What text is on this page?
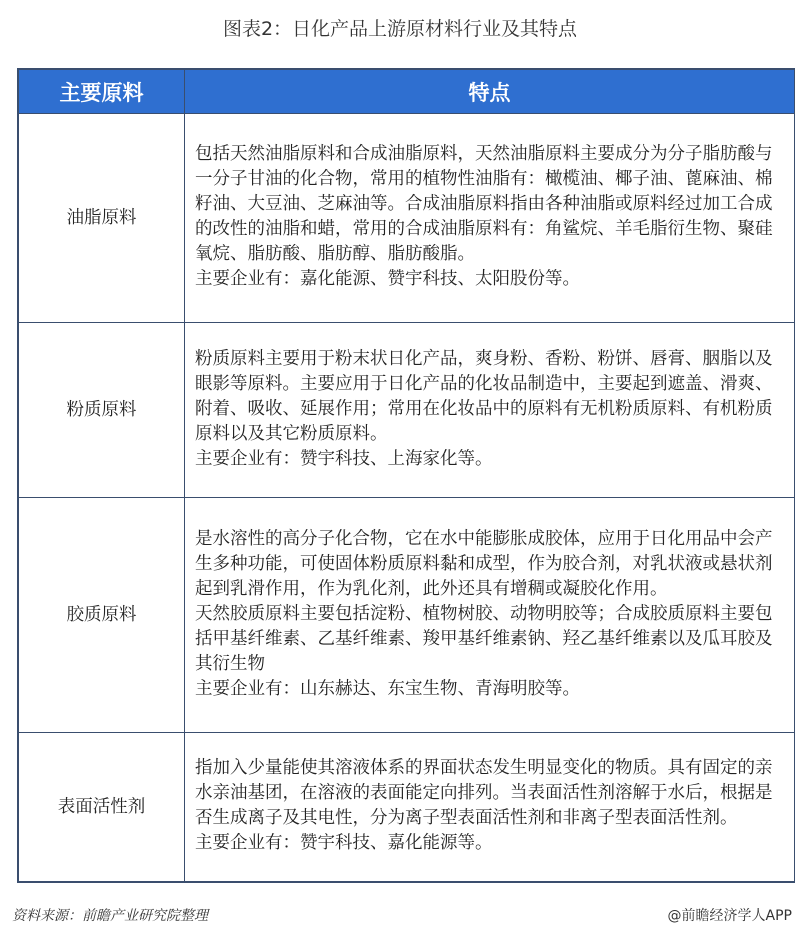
图表2：日化产品上游原材料行业及其特点
主要原料	特点
油脂原料	包括天然油脂原料和合成油脂原料，天然油脂原料主要成分为分子脂肪酸与一分子甘油的化合物，常用的植物性油脂有：橄榄油、椰子油、蓖麻油、棉籽油、大豆油、芝麻油等。合成油脂原料指由各种油脂或原料经过加工合成的改性的油脂和蜡，常用的合成油脂原料有：角鲨烷、羊毛脂衍生物、聚硅氧烷、脂肪酸、脂肪醇、脂肪酸脂。
主要企业有：嘉化能源、赞宇科技、太阳股份等。

粉质原料	粉质原料主要用于粉末状日化产品，爽身粉、香粉、粉饼、唇膏、胭脂以及眼影等原料。主要应用于日化产品的化妆品制造中，主要起到遮盖、滑爽、附着、吸收、延展作用；常用在化妆品中的原料有无机粉质原料、有机粉质原料以及其它粉质原料。
主要企业有：赞宇科技、上海家化等。

胶质原料	是水溶性的高分子化合物，它在水中能膨胀成胶体，应用于日化用品中会产生多种功能，可使固体粉质原料黏和成型，作为胶合剂，对乳状液或悬状剂起到乳滑作用，作为乳化剂，此外还具有增稠或凝胶化作用。
天然胶质原料主要包括淀粉、植物树胶、动物明胶等；合成胶质原料主要包括甲基纤维素、乙基纤维素、羧甲基纤维素钠、羟乙基纤维素以及瓜耳胶及其衍生物
主要企业有：山东赫达、东宝生物、青海明胶等。

表面活性剂	指加入少量能使其溶液体系的界面状态发生明显变化的物质。具有固定的亲水亲油基团，在溶液的表面能定向排列。当表面活性剂溶解于水后，根据是否生成离子及其电性，分为离子型表面活性剂和非离子型表面活性剂。
主要企业有：赞宇科技、嘉化能源等。
资料来源：前瞻产业研究院整理	@前瞻经济学人APP
